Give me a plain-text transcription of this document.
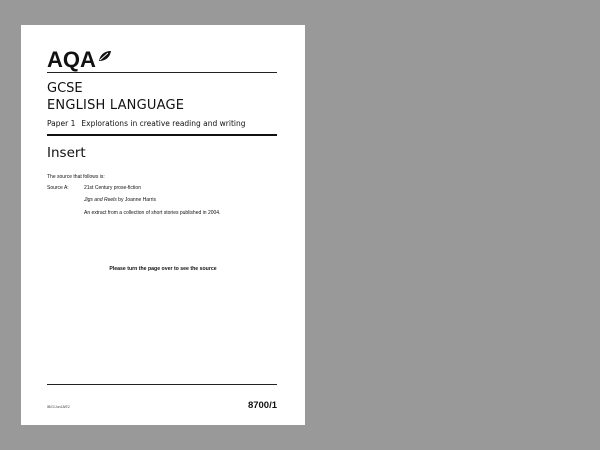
AQA
GCSE
ENGLISH LANGUAGE
Paper 1 Explorations in creative reading and writing
Insert
The source that follows is:
Source A:	21st Century prose-fiction
Jigs and Reels by Joanne Harris
An extract from a collection of short stories published in 2004.
Please turn the page over to see the source
IB/G/Jun18/E2	8700/1
